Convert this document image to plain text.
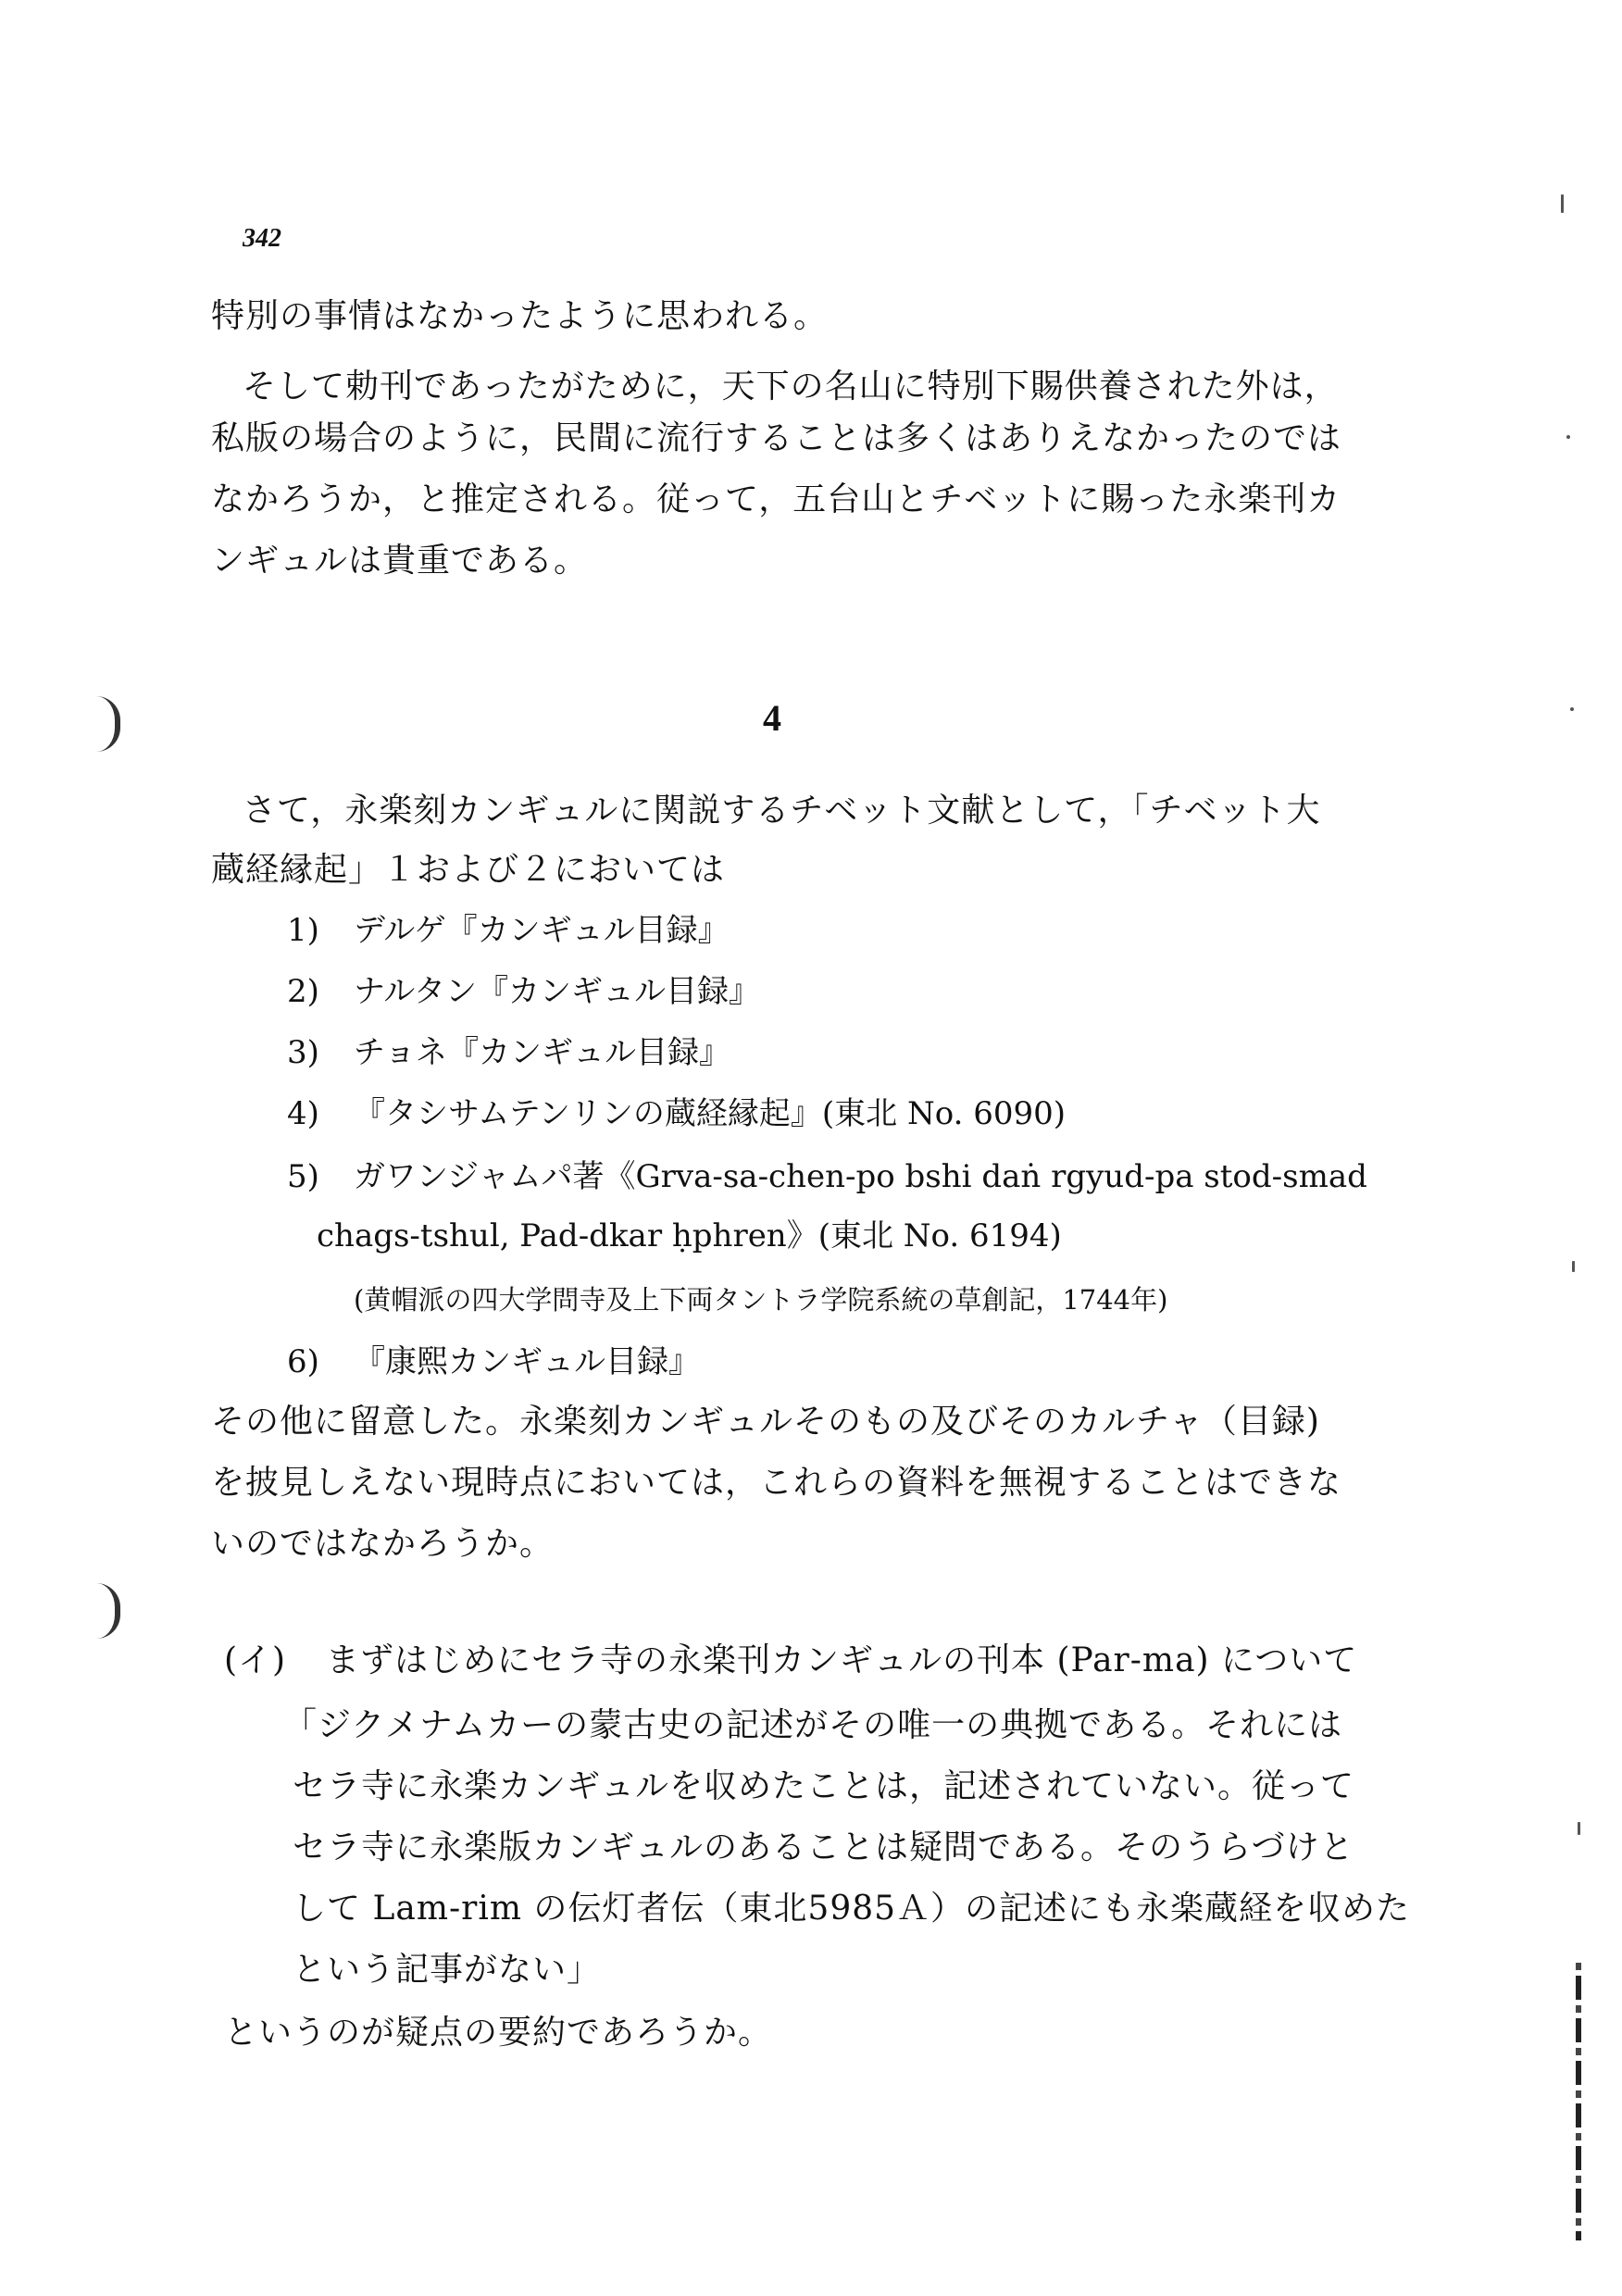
342
特別の事情はなかったように思われる。
そして勅刊であったがために，天下の名山に特別下賜供養された外は，
私版の場合のように，民間に流行することは多くはありえなかったのでは
なかろうか，と推定される。従って，五台山とチベットに賜った永楽刊カ
ンギュルは貴重である。
4
さて，永楽刻カンギュルに関説するチベット文献として，「チベット大
蔵経縁起」１および２においては
1) デルゲ『カンギュル目録』
2) ナルタン『カンギュル目録』
3) チョネ『カンギュル目録』
4) 『タシサムテンリンの蔵経縁起』(東北 No. 6090)
5) ガワンジャムパ著《Grva-sa-chen-po bshi daṅ rgyud-pa stod-smad
chags-tshul, Pad-dkar ḥphren》(東北 No. 6194)
(黄帽派の四大学問寺及上下両タントラ学院系統の草創記，1744年)
6) 『康熙カンギュル目録』
その他に留意した。永楽刻カンギュルそのもの及びそのカルチャ（目録)
を披見しえない現時点においては，これらの資料を無視することはできな
いのではなかろうか。
(イ) まずはじめにセラ寺の永楽刊カンギュルの刊本 (Par-ma) について
「ジクメナムカーの蒙古史の記述がその唯一の典拠である。それには
セラ寺に永楽カンギュルを収めたことは，記述されていない。従って
セラ寺に永楽版カンギュルのあることは疑問である。そのうらづけと
して Lam-rim の伝灯者伝（東北5985Ａ）の記述にも永楽蔵経を収めた
という記事がない」
というのが疑点の要約であろうか。
